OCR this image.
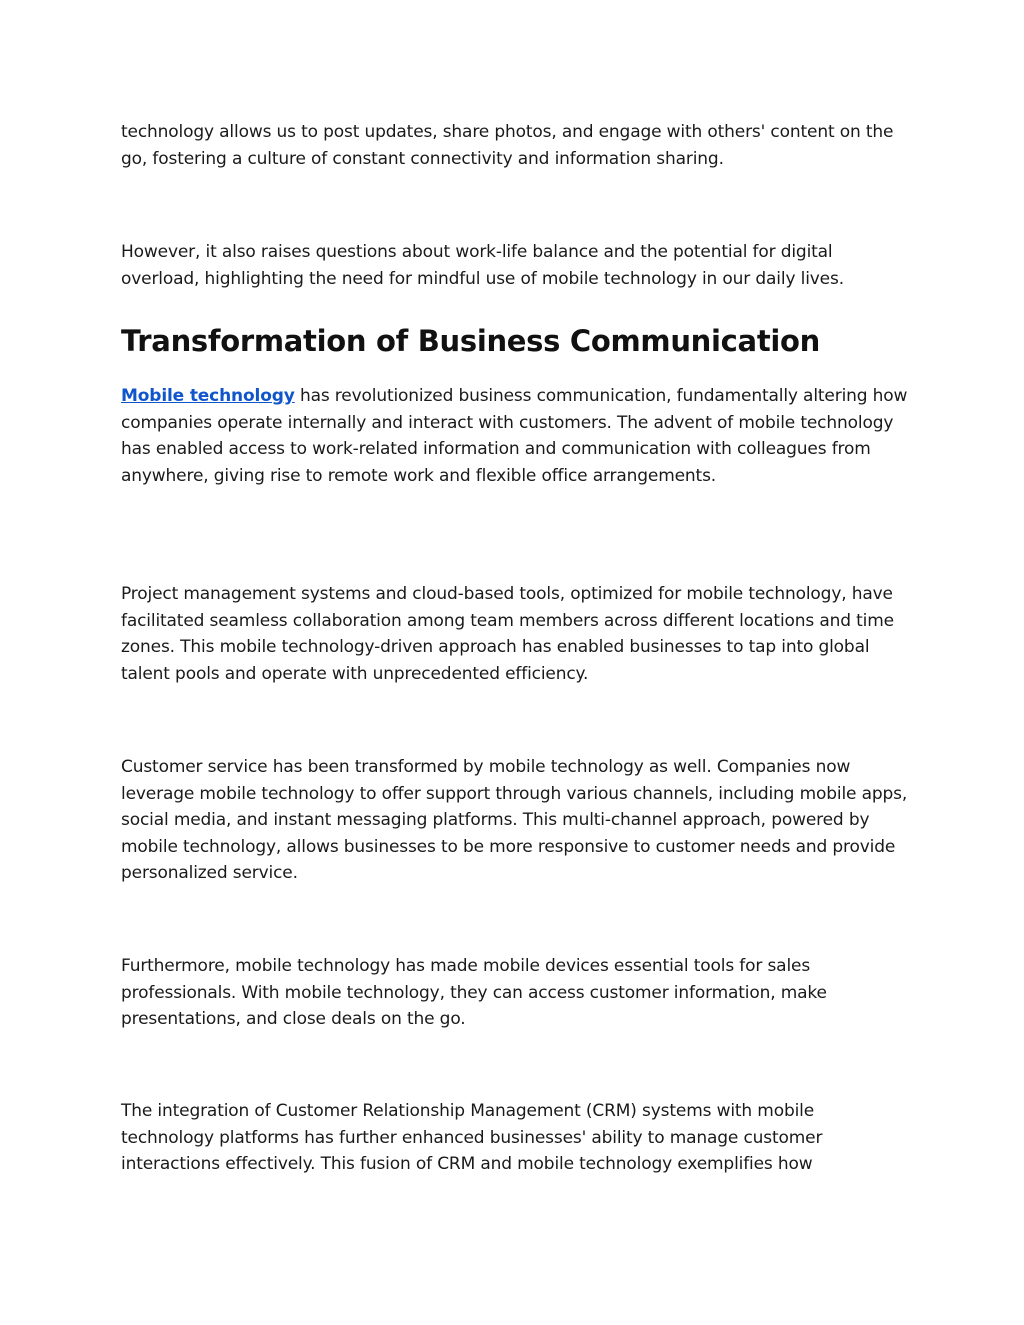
technology allows us to post updates, share photos, and engage with others' content on the go, fostering a culture of constant connectivity and information sharing.

However, it also raises questions about work-life balance and the potential for digital overload, highlighting the need for mindful use of mobile technology in our daily lives.

Transformation of Business Communication

Mobile technology has revolutionized business communication, fundamentally altering how companies operate internally and interact with customers. The advent of mobile technology has enabled access to work-related information and communication with colleagues from anywhere, giving rise to remote work and flexible office arrangements.

Project management systems and cloud-based tools, optimized for mobile technology, have facilitated seamless collaboration among team members across different locations and time zones. This mobile technology-driven approach has enabled businesses to tap into global talent pools and operate with unprecedented efficiency.

Customer service has been transformed by mobile technology as well. Companies now leverage mobile technology to offer support through various channels, including mobile apps, social media, and instant messaging platforms. This multi-channel approach, powered by mobile technology, allows businesses to be more responsive to customer needs and provide personalized service.

Furthermore, mobile technology has made mobile devices essential tools for sales professionals. With mobile technology, they can access customer information, make presentations, and close deals on the go.

The integration of Customer Relationship Management (CRM) systems with mobile technology platforms has further enhanced businesses' ability to manage customer interactions effectively. This fusion of CRM and mobile technology exemplifies how
